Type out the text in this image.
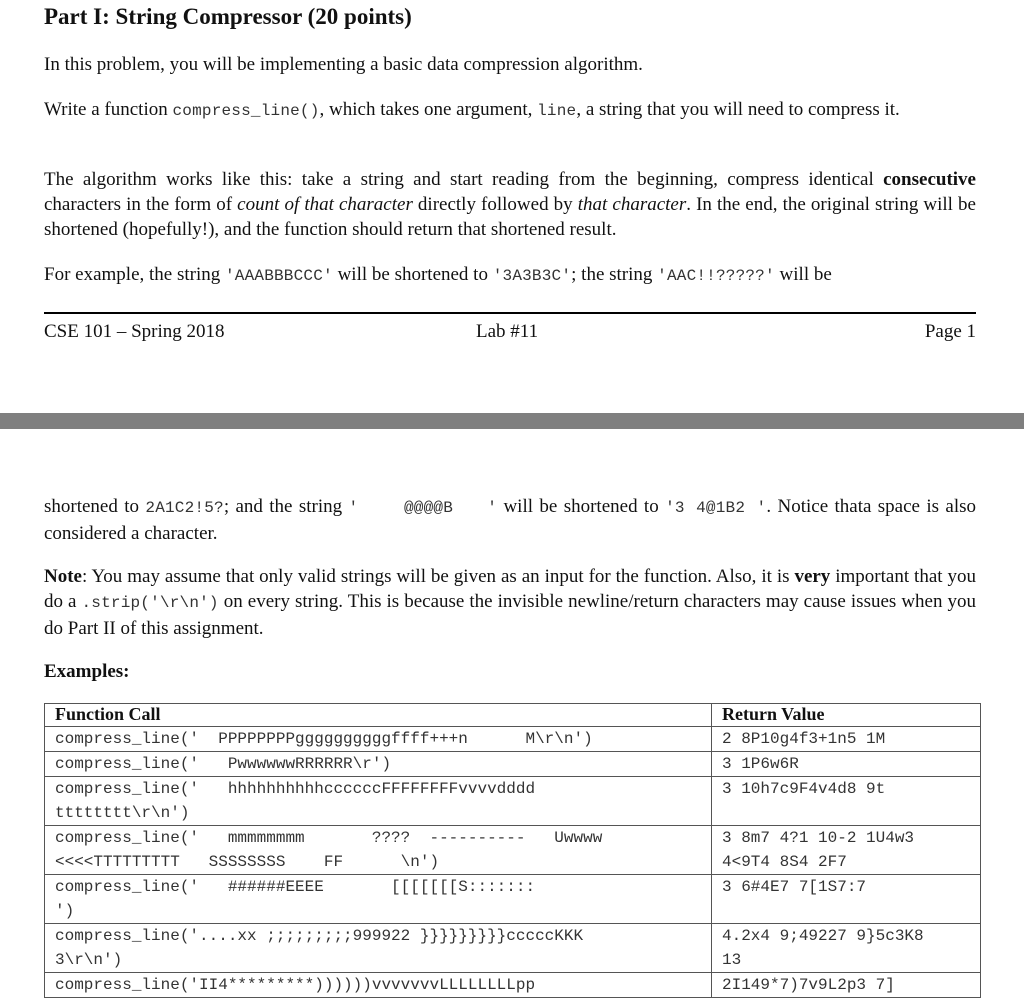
Part I: String Compressor (20 points)

In this problem, you will be implementing a basic data compression algorithm.

Write a function compress_line(), which takes one argument, line, a string that you will need to compress it.

The algorithm works like this: take a string and start reading from the beginning, compress identical consecutive characters in the form of count of that character directly followed by that character. In the end, the original string will be shortened (hopefully!), and the function should return that shortened result.

For example, the string 'AAABBBCCC' will be shortened to '3A3B3C'; the string 'AAC!!?????' will be

CSE 101 – Spring 2018	Lab #11	Page 1

shortened to 2A1C2!5?; and the string '    @@@@B   ' will be shortened to '3 4@1B2 '. Notice thata space is also considered a character.

Note: You may assume that only valid strings will be given as an input for the function. Also, it is very important that you do a .strip('\r\n') on every string. This is because the invisible newline/return characters may cause issues when you do Part II of this assignment.

Examples:
Function Call	Return Value
compress_line('  PPPPPPPPggggggggggffff+++n      M\r\n')	2 8P10g4f3+1n5 1M
compress_line('   PwwwwwwRRRRRR\r')	3 1P6w6R
compress_line('   hhhhhhhhhhccccccFFFFFFFFvvvvdddd
tttttttt\r\n')	3 10h7c9F4v4d8 9t
compress_line('   mmmmmmmm       ????  ----------   Uwwww
<<<<TTTTTTTTT   SSSSSSSS    FF      \n')	3 8m7 4?1 10-2 1U4w3
4<9T4 8S4 2F7
compress_line('   ######EEEE       [[[[[[[S:::::::
')	3 6#4E7 7[1S7:7
compress_line('....xx ;;;;;;;;;999922 }}}}}}}}}cccccKKK
3\r\n')	4.2x4 9;49227 9}5c3K8
13
compress_line('II4*********))))))vvvvvvvLLLLLLLLpp	2I149*7)7v9L2p3 7]
